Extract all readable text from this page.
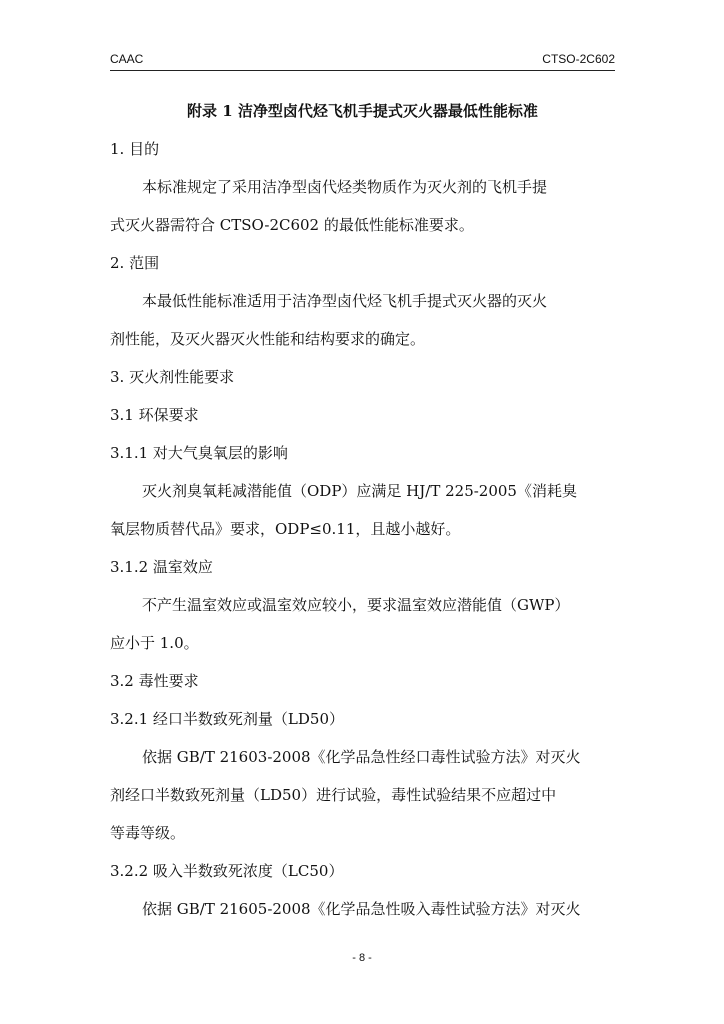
CAAC	CTSO-2C602
附录 1 洁净型卤代烃飞机手提式灭火器最低性能标准
1. 目的
本标准规定了采用洁净型卤代烃类物质作为灭火剂的飞机手提
式灭火器需符合 CTSO-2C602 的最低性能标准要求。
2. 范围
本最低性能标准适用于洁净型卤代烃飞机手提式灭火器的灭火
剂性能，及灭火器灭火性能和结构要求的确定。
3. 灭火剂性能要求
3.1 环保要求
3.1.1 对大气臭氧层的影响
灭火剂臭氧耗减潜能值（ODP）应满足 HJ/T 225-2005《消耗臭
氧层物质替代品》要求，ODP≤0.11，且越小越好。
3.1.2 温室效应
不产生温室效应或温室效应较小，要求温室效应潜能值（GWP）
应小于 1.0。
3.2 毒性要求
3.2.1 经口半数致死剂量（LD50）
依据 GB/T 21603-2008《化学品急性经口毒性试验方法》对灭火
剂经口半数致死剂量（LD50）进行试验，毒性试验结果不应超过中
等毒等级。
3.2.2 吸入半数致死浓度（LC50）
依据 GB/T 21605-2008《化学品急性吸入毒性试验方法》对灭火
- 8 -
